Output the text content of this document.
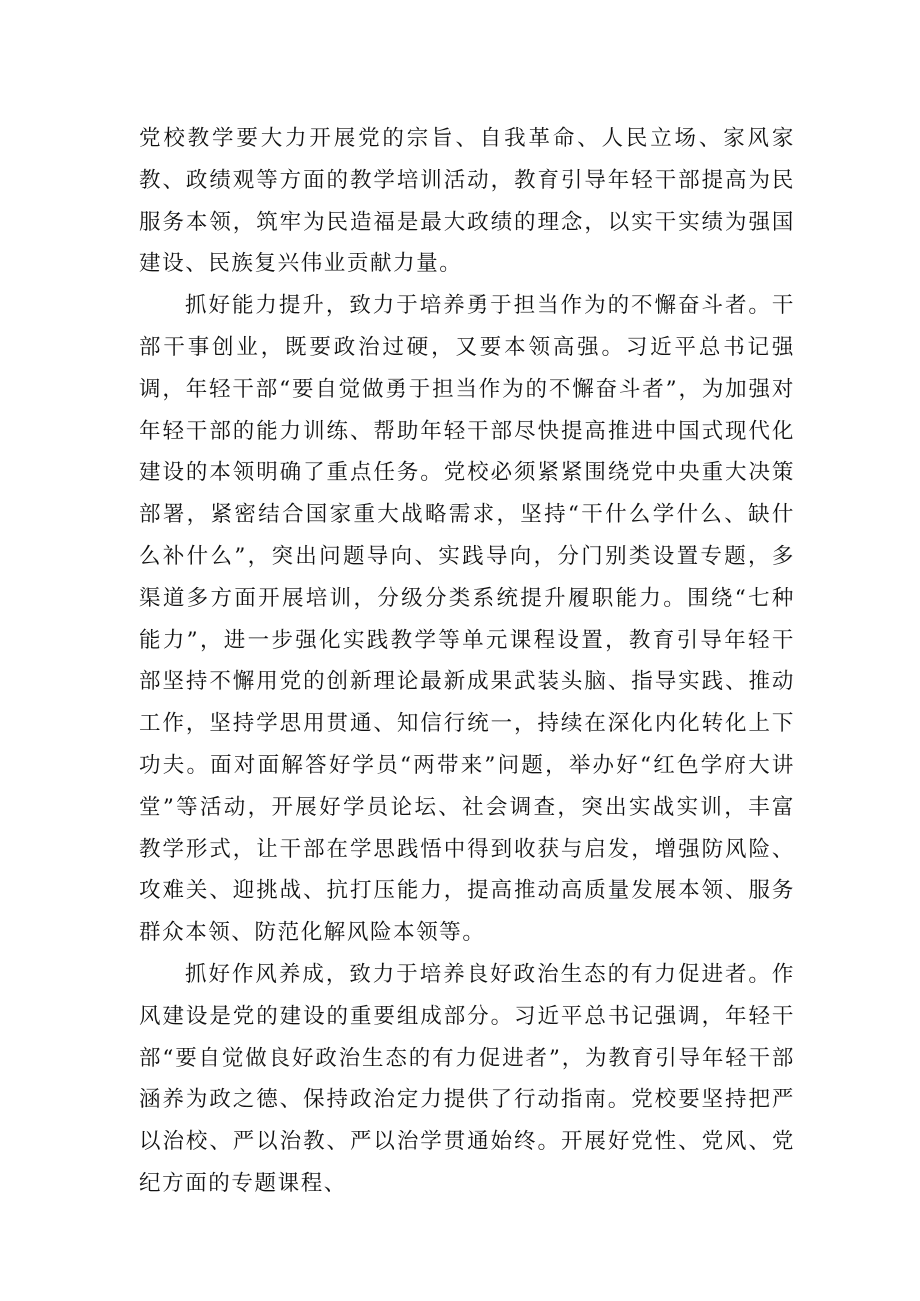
党校教学要大力开展党的宗旨、自我革命、人民立场、家风家教、政绩观等方面的教学培训活动，教育引导年轻干部提高为民服务本领，筑牢为民造福是最大政绩的理念，以实干实绩为强国建设、民族复兴伟业贡献力量。

抓好能力提升，致力于培养勇于担当作为的不懈奋斗者。干部干事创业，既要政治过硬，又要本领高强。习近平总书记强调，年轻干部“要自觉做勇于担当作为的不懈奋斗者”，为加强对年轻干部的能力训练、帮助年轻干部尽快提高推进中国式现代化建设的本领明确了重点任务。党校必须紧紧围绕党中央重大决策部署，紧密结合国家重大战略需求，坚持“干什么学什么、缺什么补什么”，突出问题导向、实践导向，分门别类设置专题，多渠道多方面开展培训，分级分类系统提升履职能力。围绕“七种能力”，进一步强化实践教学等单元课程设置，教育引导年轻干部坚持不懈用党的创新理论最新成果武装头脑、指导实践、推动工作，坚持学思用贯通、知信行统一，持续在深化内化转化上下功夫。面对面解答好学员“两带来”问题，举办好“红色学府大讲堂”等活动，开展好学员论坛、社会调查，突出实战实训，丰富教学形式，让干部在学思践悟中得到收获与启发，增强防风险、攻难关、迎挑战、抗打压能力，提高推动高质量发展本领、服务群众本领、防范化解风险本领等。

抓好作风养成，致力于培养良好政治生态的有力促进者。作风建设是党的建设的重要组成部分。习近平总书记强调，年轻干部“要自觉做良好政治生态的有力促进者”，为教育引导年轻干部涵养为政之德、保持政治定力提供了行动指南。党校要坚持把严以治校、严以治教、严以治学贯通始终。开展好党性、党风、党纪方面的专题课程、
